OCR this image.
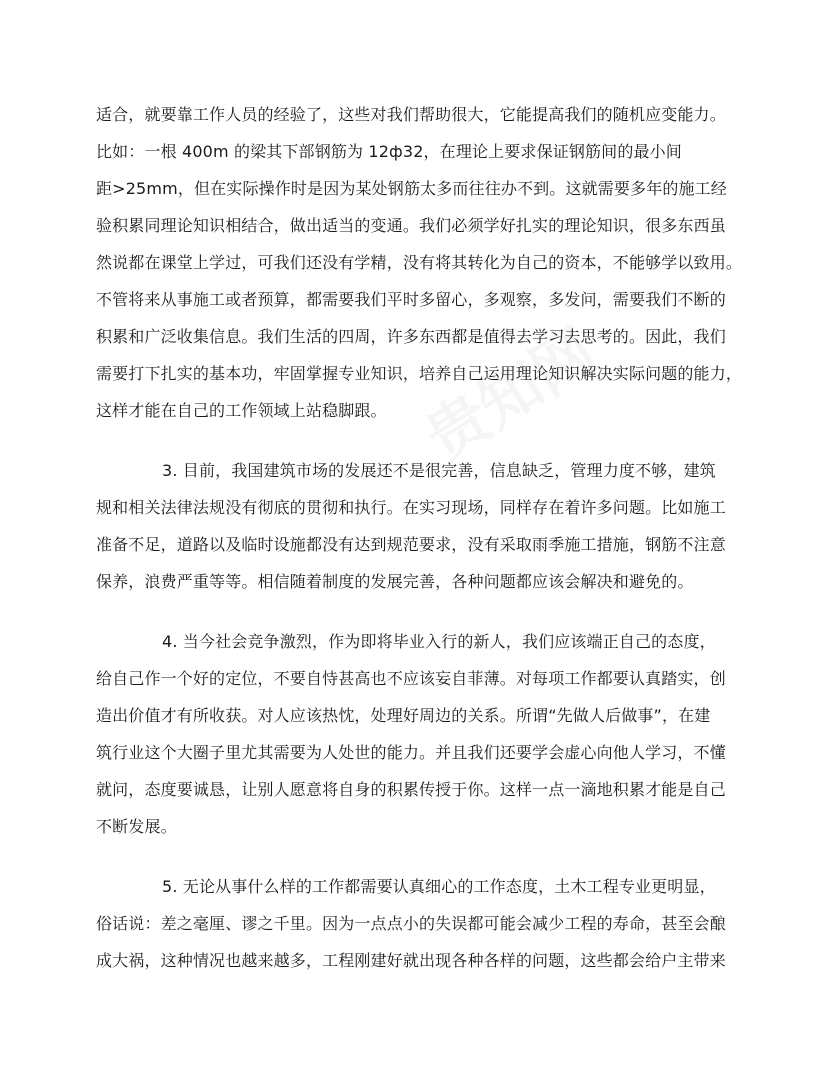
适合，就要靠工作人员的经验了，这些对我们帮助很大，它能提高我们的随机应变能力。
比如：一根 400m 的梁其下部钢筋为 12ф32，在理论上要求保证钢筋间的最小间
距>25mm，但在实际操作时是因为某处钢筋太多而往往办不到。这就需要多年的施工经
验积累同理论知识相结合，做出适当的变通。我们必须学好扎实的理论知识，很多东西虽
然说都在课堂上学过，可我们还没有学精，没有将其转化为自己的资本，不能够学以致用。
不管将来从事施工或者预算，都需要我们平时多留心，多观察，多发问，需要我们不断的
积累和广泛收集信息。我们生活的四周，许多东西都是值得去学习去思考的。因此，我们
需要打下扎实的基本功，牢固掌握专业知识，培养自己运用理论知识解决实际问题的能力，
这样才能在自己的工作领域上站稳脚跟。
3. 目前，我国建筑市场的发展还不是很完善，信息缺乏，管理力度不够，建筑
规和相关法律法规没有彻底的贯彻和执行。在实习现场，同样存在着许多问题。比如施工
准备不足，道路以及临时设施都没有达到规范要求，没有采取雨季施工措施，钢筋不注意
保养，浪费严重等等。相信随着制度的发展完善，各种问题都应该会解决和避免的。
4. 当今社会竞争激烈，作为即将毕业入行的新人，我们应该端正自己的态度，
给自己作一个好的定位，不要自恃甚高也不应该妄自菲薄。对每项工作都要认真踏实，创
造出价值才有所收获。对人应该热忱，处理好周边的关系。所谓“先做人后做事”，在建
筑行业这个大圈子里尤其需要为人处世的能力。并且我们还要学会虚心向他人学习，不懂
就问，态度要诚恳，让别人愿意将自身的积累传授于你。这样一点一滴地积累才能是自己
不断发展。
5. 无论从事什么样的工作都需要认真细心的工作态度，土木工程专业更明显，
俗话说：差之毫厘、谬之千里。因为一点点小的失误都可能会减少工程的寿命，甚至会酿
成大祸，这种情况也越来越多，工程刚建好就出现各种各样的问题，这些都会给户主带来
